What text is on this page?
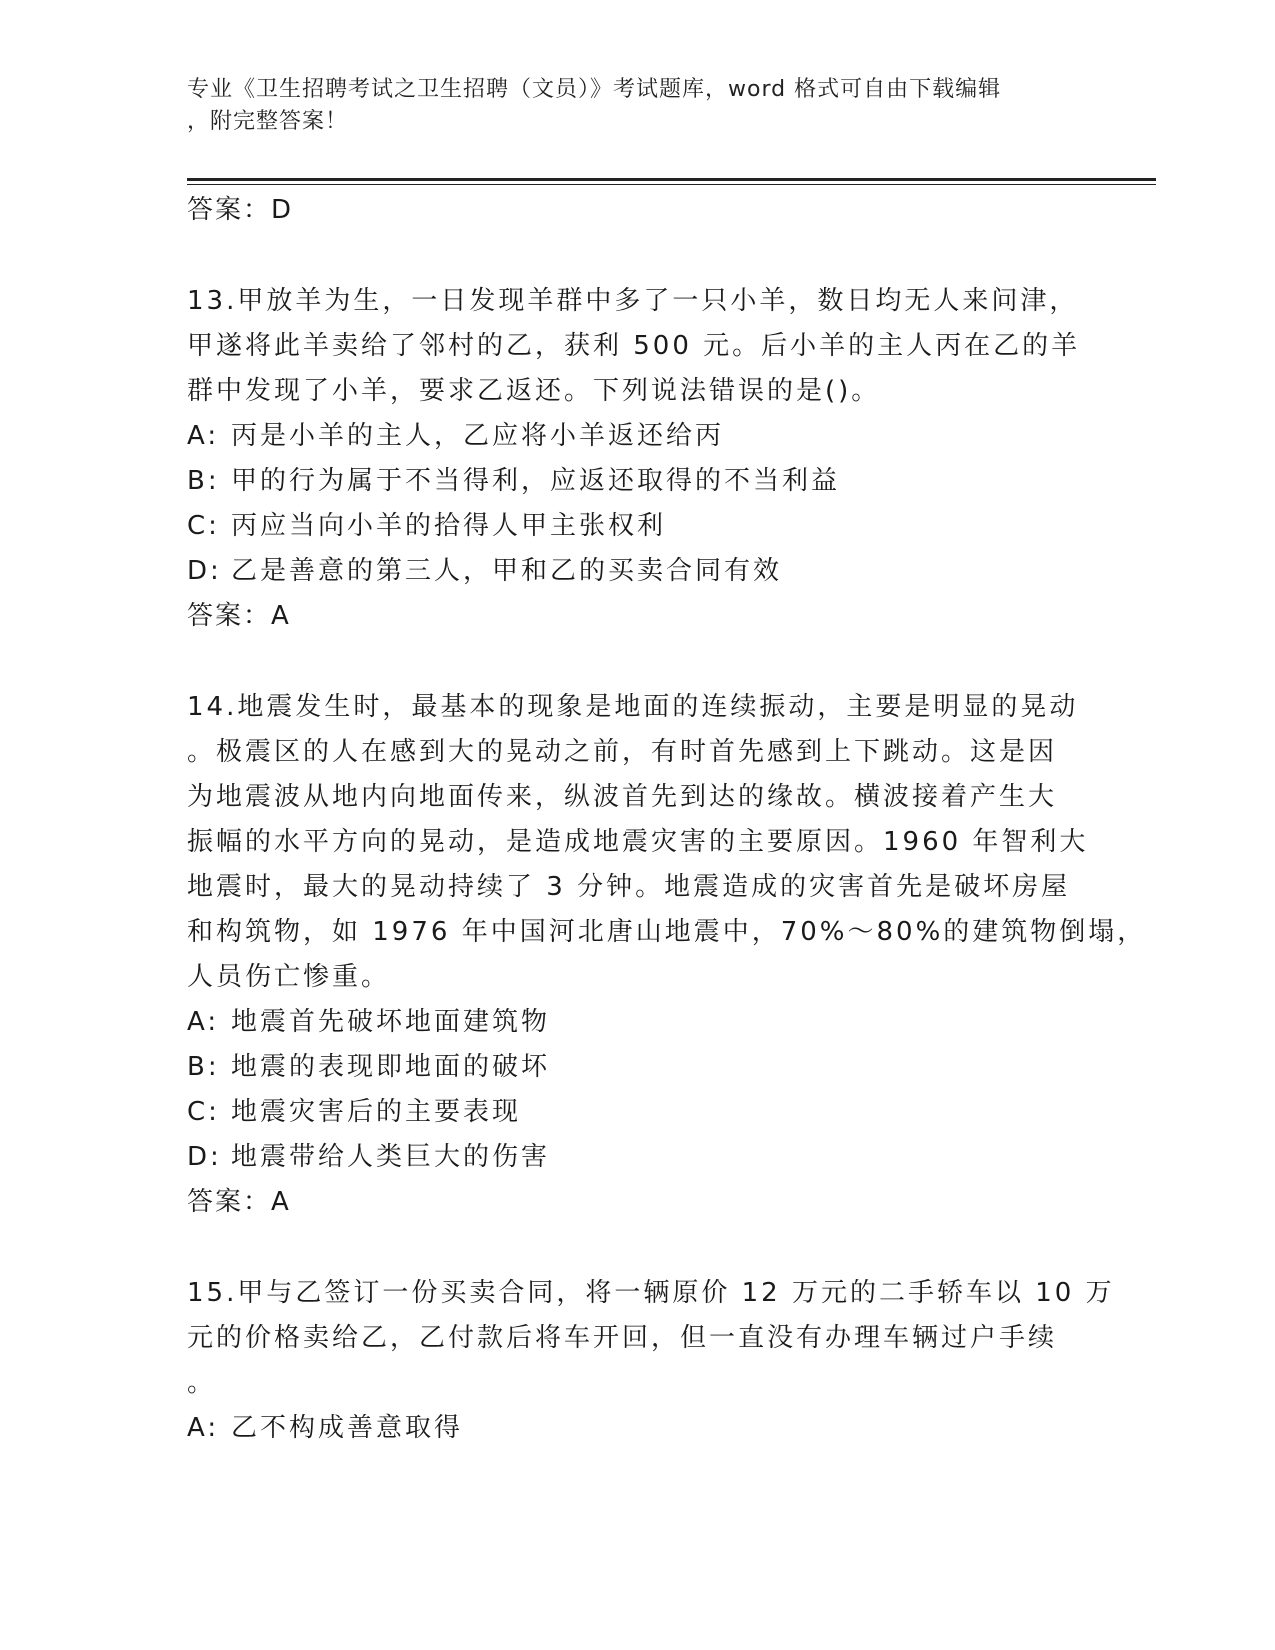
专业《卫生招聘考试之卫生招聘（文员）》考试题库，word 格式可自由下载编辑
，附完整答案！
答案：D
13.甲放羊为生，一日发现羊群中多了一只小羊，数日均无人来问津，
甲遂将此羊卖给了邻村的乙，获利 500 元。后小羊的主人丙在乙的羊
群中发现了小羊，要求乙返还。下列说法错误的是()。
A: 丙是小羊的主人，乙应将小羊返还给丙
B: 甲的行为属于不当得利，应返还取得的不当利益
C: 丙应当向小羊的拾得人甲主张权利
D: 乙是善意的第三人，甲和乙的买卖合同有效
答案：A
14.地震发生时，最基本的现象是地面的连续振动，主要是明显的晃动
。极震区的人在感到大的晃动之前，有时首先感到上下跳动。这是因
为地震波从地内向地面传来，纵波首先到达的缘故。横波接着产生大
振幅的水平方向的晃动，是造成地震灾害的主要原因。1960 年智利大
地震时，最大的晃动持续了 3 分钟。地震造成的灾害首先是破坏房屋
和构筑物，如 1976 年中国河北唐山地震中，70%～80%的建筑物倒塌，
人员伤亡惨重。
A: 地震首先破坏地面建筑物
B: 地震的表现即地面的破坏
C: 地震灾害后的主要表现
D: 地震带给人类巨大的伤害
答案：A
15.甲与乙签订一份买卖合同，将一辆原价 12 万元的二手轿车以 10 万
元的价格卖给乙，乙付款后将车开回，但一直没有办理车辆过户手续
。
A: 乙不构成善意取得
